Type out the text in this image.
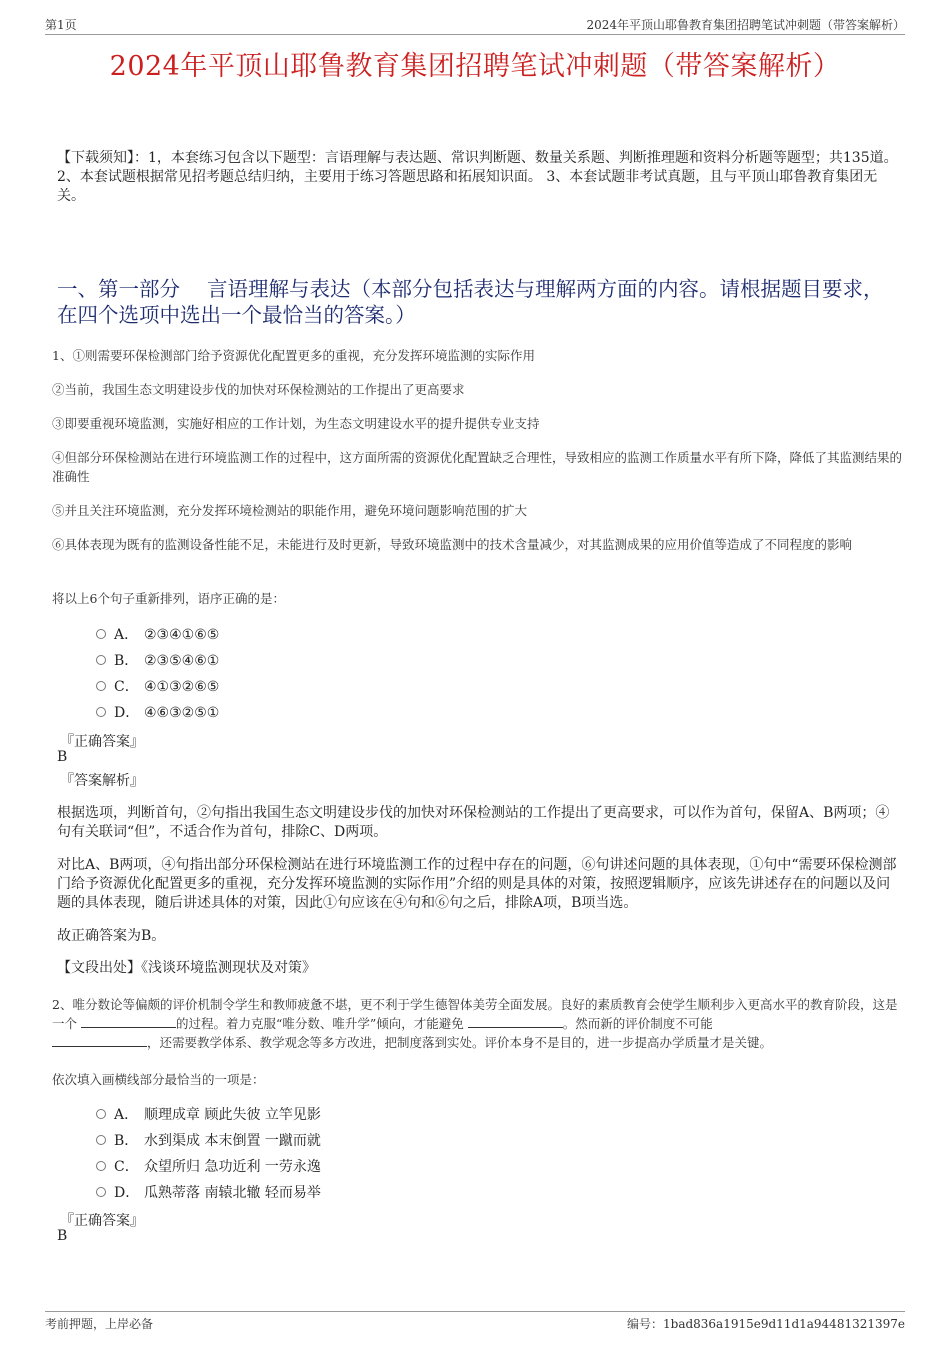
第1页	2024年平顶山耶鲁教育集团招聘笔试冲刺题（带答案解析）
2024年平顶山耶鲁教育集团招聘笔试冲刺题（带答案解析）
【下载须知】：1，本套练习包含以下题型：言语理解与表达题、常识判断题、数量关系题、判断推理题和资料分析题等题型；共135道。 2、本套试题根据常见招考题总结归纳，主要用于练习答题思路和拓展知识面。 3、本套试题非考试真题，且与平顶山耶鲁教育集团无关。
一、第一部分　 言语理解与表达（本部分包括表达与理解两方面的内容。请根据题目要求，在四个选项中选出一个最恰当的答案。）
1、①则需要环保检测部门给予资源优化配置更多的重视，充分发挥环境监测的实际作用
②当前，我国生态文明建设步伐的加快对环保检测站的工作提出了更高要求
③即要重视环境监测，实施好相应的工作计划，为生态文明建设水平的提升提供专业支持
④但部分环保检测站在进行环境监测工作的过程中，这方面所需的资源优化配置缺乏合理性，导致相应的监测工作质量水平有所下降，降低了其监测结果的准确性
⑤并且关注环境监测，充分发挥环境检测站的职能作用，避免环境问题影响范围的扩大
⑥具体表现为既有的监测设备性能不足，未能进行及时更新，导致环境监测中的技术含量减少，对其监测成果的应用价值等造成了不同程度的影响
将以上6个句子重新排列，语序正确的是：
A． ②③④①⑥⑤
B． ②③⑤④⑥①
C． ④①③②⑥⑤
D． ④⑥③②⑤①
『正确答案』
B
『答案解析』
根据选项，判断首句，②句指出我国生态文明建设步伐的加快对环保检测站的工作提出了更高要求，可以作为首句，保留A、B两项；④句有关联词“但”，不适合作为首句，排除C、D两项。
对比A、B两项，④句指出部分环保检测站在进行环境监测工作的过程中存在的问题，⑥句讲述问题的具体表现，①句中“需要环保检测部门给予资源优化配置更多的重视，充分发挥环境监测的实际作用”介绍的则是具体的对策，按照逻辑顺序，应该先讲述存在的问题以及问题的具体表现，随后讲述具体的对策，因此①句应该在④句和⑥句之后，排除A项，B项当选。
故正确答案为B。
【文段出处】《浅谈环境监测现状及对策》
2、唯分数论等偏颇的评价机制令学生和教师疲惫不堪，更不利于学生德智体美劳全面发展。良好的素质教育会使学生顺利步入更高水平的教育阶段，这是一个	的过程。着力克服“唯分数、唯升学”倾向，才能避免	。然而新的评价制度不可能
，还需要教学体系、教学观念等多方改进，把制度落到实处。评价本身不是目的，进一步提高办学质量才是关键。
依次填入画横线部分最恰当的一项是：
A． 顺理成章 顾此失彼 立竿见影
B． 水到渠成 本末倒置 一蹴而就
C． 众望所归 急功近利 一劳永逸
D． 瓜熟蒂落 南辕北辙 轻而易举
『正确答案』
B
考前押题，上岸必备	编号：1bad836a1915e9d11d1a94481321397e
